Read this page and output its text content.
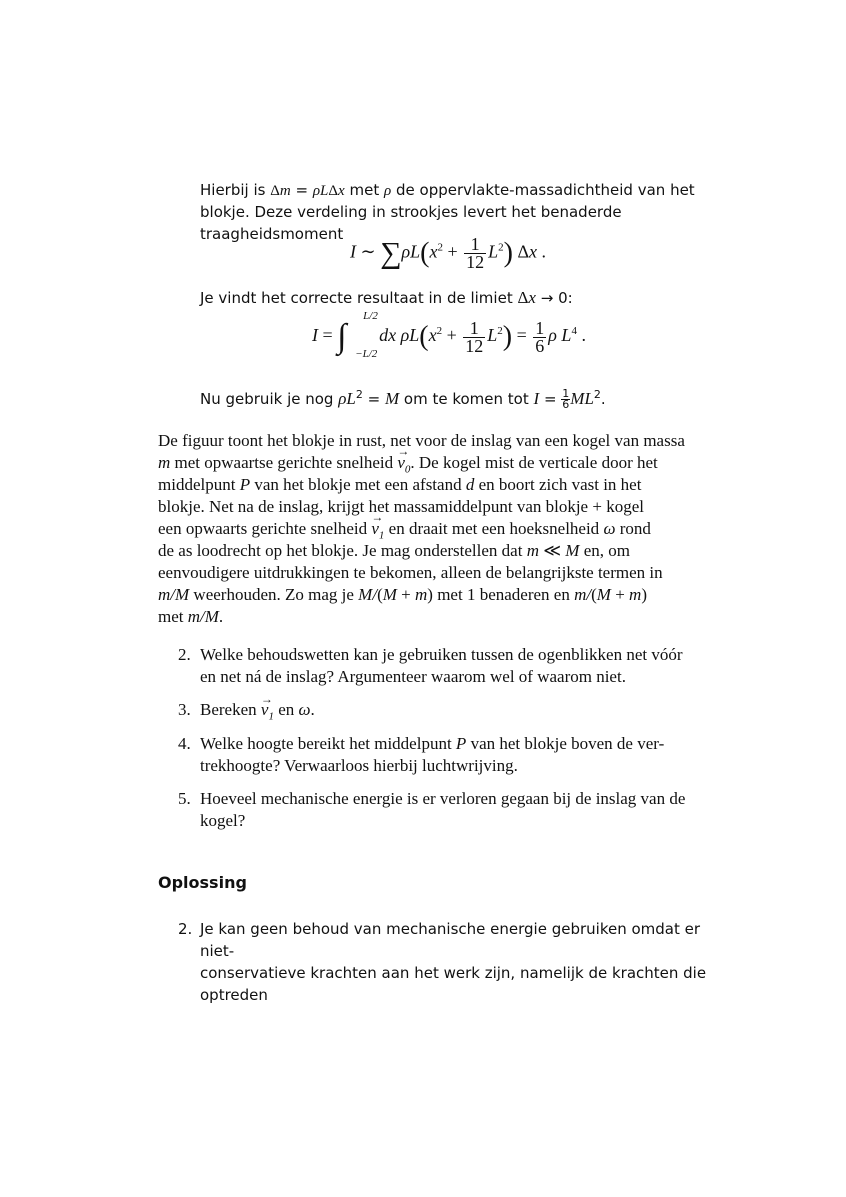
Hierbij is Δm = ρLΔx met ρ de oppervlakte-massadichtheid van het
blokje. Deze verdeling in strookjes levert het benaderde traagheidsmoment
I ∼ $\sum\rho L(x^2 + \frac{1}{12} L^2)$ Δx .
Je vindt het correcte resultaat in de limiet Δx → 0:
I = ∫
L/2
−L/2
dx $\rho L(x^2 + \frac{1}{12} L^2) = \frac{1}{6}$ ρ $L^4$ .
Nu gebruik je nog $\rho L^2 = M$ om te komen tot $I = \frac{1}{6} ML^2$.
De figuur toont het blokje in rust, net voor de inslag van een kogel van massa
m met opwaartse gerichte snelheid $v_0$ →. De kogel mist de verticale door het
middelpunt P van het blokje met een afstand d en boort zich vast in het
blokje. Net na de inslag, krijgt het massamiddelpunt van blokje + kogel
een opwaarts gerichte snelheid $v_1$ → en draait met een hoeksnelheid ω rond
de as loodrecht op het blokje. Je mag onderstellen dat m ≪ M en, om
eenvoudigere uitdrukkingen te bekomen, alleen de belangrijkste termen in
m/M weerhouden. Zo mag je M/(M + m) met 1 benaderen en m/(M + m)
met m/M.
2. Welke behoudswetten kan je gebruiken tussen de ogenblikken net vóór
en net ná de inslag? Argumenteer waarom wel of waarom niet.
3. Bereken $v_1$ → en ω.
4. Welke hoogte bereikt het middelpunt P van het blokje boven de ver-
trekhoogte? Verwaarloos hierbij luchtwrijving.
5. Hoeveel mechanische energie is er verloren gegaan bij de inslag van de
kogel?
Oplossing
2. Je kan geen behoud van mechanische energie gebruiken omdat er niet-
conservatieve krachten aan het werk zijn, namelijk de krachten die optreden
